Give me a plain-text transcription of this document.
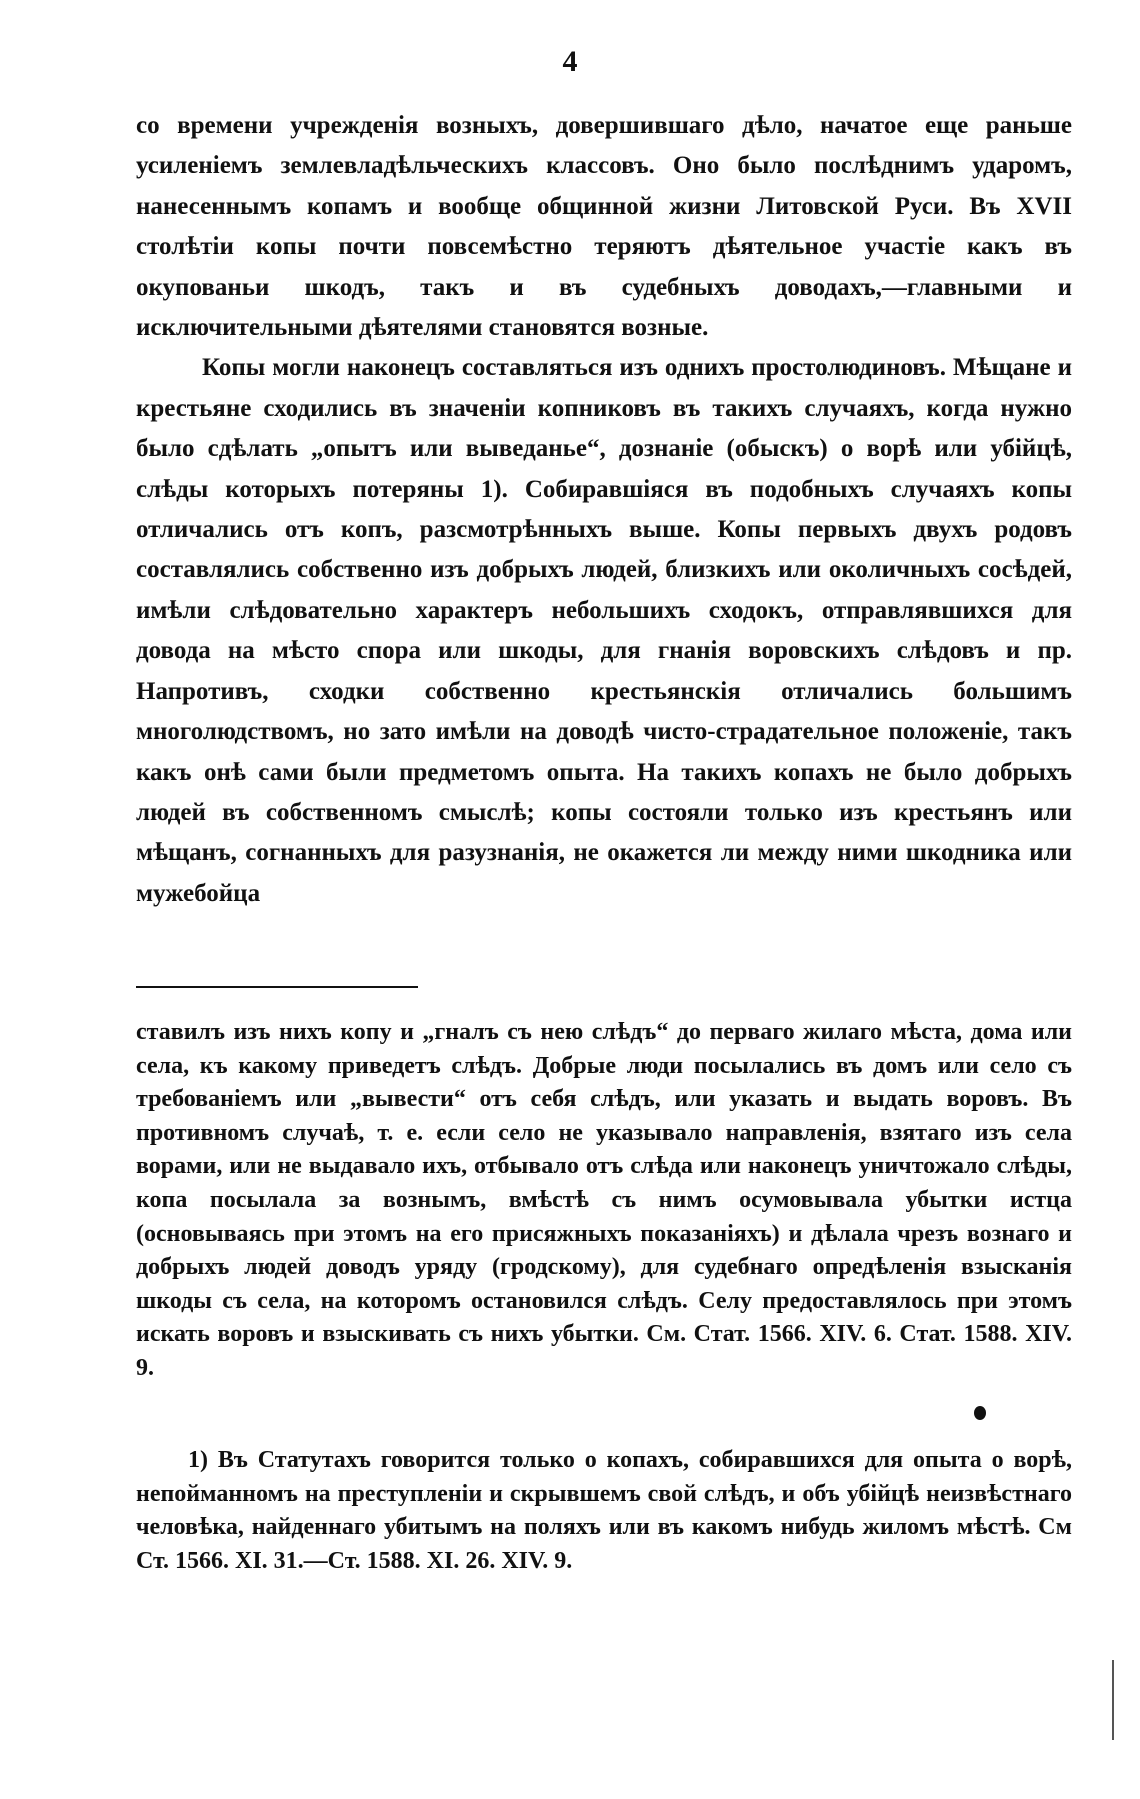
4

со времени учрежденія возныхъ, довершившаго дѣло, начатое еще раньше усиленіемъ землевладѣльческихъ классовъ. Оно было послѣднимъ ударомъ, нанесеннымъ копамъ и вообще общинной жизни Литовской Руси. Въ XVII столѣтіи копы почти повсемѣстно теряютъ дѣятельное участіе какъ въ окупованьи шкодъ, такъ и въ судебныхъ доводахъ,—главными и исключительными дѣятелями становятся возные.

Копы могли наконецъ составляться изъ однихъ простолюдиновъ. Мѣщане и крестьяне сходились въ значеніи копниковъ въ такихъ случаяхъ, когда нужно было сдѣлать „опытъ или выведанье“, дознаніе (обыскъ) о ворѣ или убійцѣ, слѣды которыхъ потеряны 1). Собиравшіяся въ подобныхъ случаяхъ копы отличались отъ копъ, разсмотрѣнныхъ выше. Копы первыхъ двухъ родовъ составлялись собственно изъ добрыхъ людей, близкихъ или околичныхъ сосѣдей, имѣли слѣдовательно характеръ небольшихъ сходокъ, отправлявшихся для довода на мѣсто спора или шкоды, для гнанія воровскихъ слѣдовъ и пр. Напротивъ, сходки собственно крестьянскія отличались большимъ многолюдствомъ, но зато имѣли на доводѣ чисто-страдательное положеніе, такъ какъ онѣ сами были предметомъ опыта. На такихъ копахъ не было добрыхъ людей въ собственномъ смыслѣ; копы состояли только изъ крестьянъ или мѣщанъ, согнанныхъ для разузнанія, не окажется ли между ними шкодника или мужебойца

ставилъ изъ нихъ копу и „гналъ съ нею слѣдъ“ до перваго жилаго мѣста, дома или села, къ какому приведетъ слѣдъ. Добрые люди посылались въ домъ или село съ требованіемъ или „вывести“ отъ себя слѣдъ, или указать и выдать воровъ. Въ противномъ случаѣ, т. е. если село не указывало направленія, взятаго изъ села ворами, или не выдавало ихъ, отбывало отъ слѣда или наконецъ уничтожало слѣды, копа посылала за вознымъ, вмѣстѣ съ нимъ осумовывала убытки истца (основываясь при этомъ на его присяжныхъ показаніяхъ) и дѣлала чрезъ вознаго и добрыхъ людей доводъ уряду (гродскому), для судебнаго опредѣленія взысканія шкоды съ села, на которомъ остановился слѣдъ. Селу предоставлялось при этомъ искать воровъ и взыскивать съ нихъ убытки. См. Стат. 1566. XIV. 6. Стат. 1588. XIV. 9.

1) Въ Статутахъ говорится только о копахъ, собиравшихся для опыта о ворѣ, непойманномъ на преступленіи и скрывшемъ свой слѣдъ, и объ убійцѣ неизвѣстнаго человѣка, найденнаго убитымъ на поляхъ или въ какомъ нибудь жиломъ мѣстѣ. См Ст. 1566. XI. 31.—Ст. 1588. XI. 26. XIV. 9.
